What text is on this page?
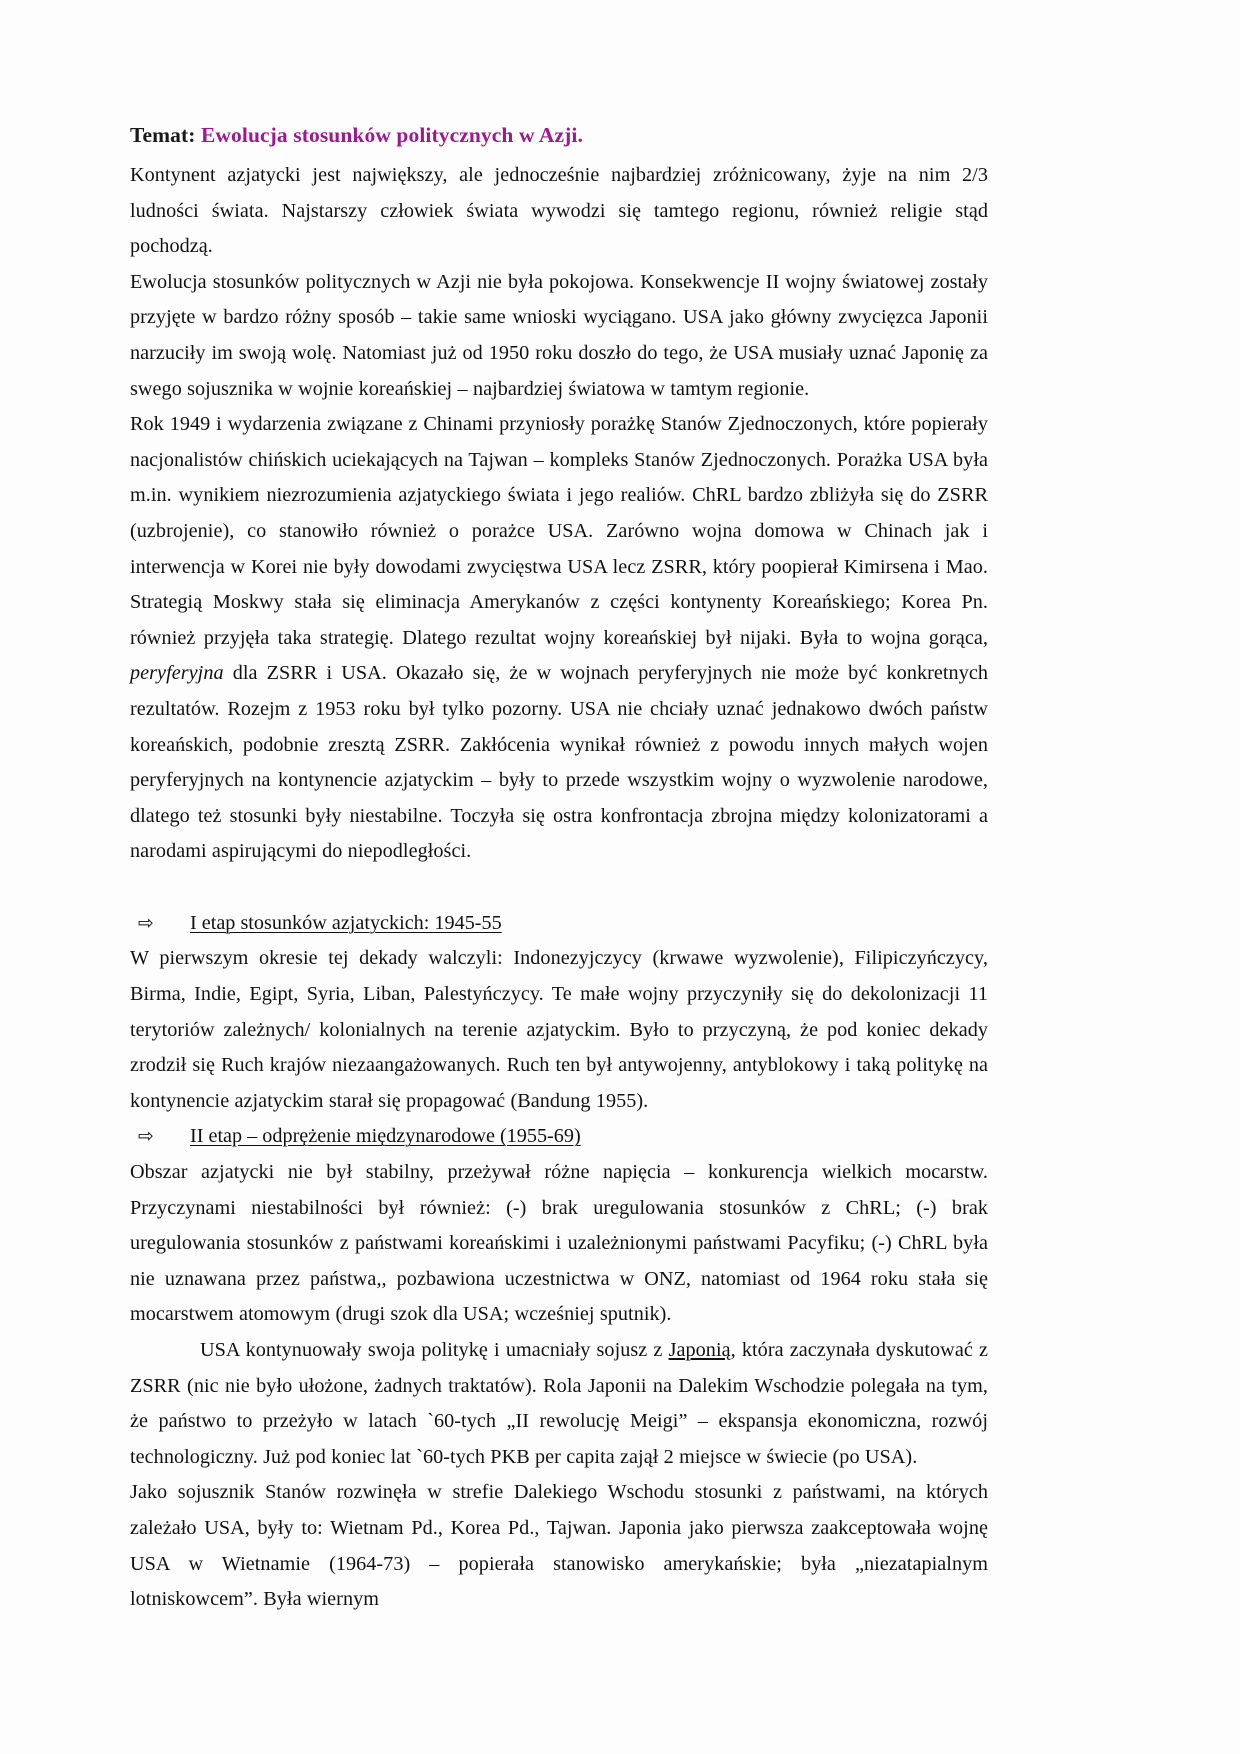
Temat: Ewolucja stosunków politycznych w Azji.

Kontynent azjatycki jest największy, ale jednocześnie najbardziej zróżnicowany, żyje na nim 2/3 ludności świata. Najstarszy człowiek świata wywodzi się tamtego regionu, również religie stąd pochodzą.

Ewolucja stosunków politycznych w Azji nie była pokojowa. Konsekwencje II wojny światowej zostały przyjęte w bardzo różny sposób – takie same wnioski wyciągano. USA jako główny zwycięzca Japonii narzuciły im swoją wolę. Natomiast już od 1950 roku doszło do tego, że USA musiały uznać Japonię za swego sojusznika w wojnie koreańskiej – najbardziej światowa w tamtym regionie.

Rok 1949 i wydarzenia związane z Chinami przyniosły porażkę Stanów Zjednoczonych, które popierały nacjonalistów chińskich uciekających na Tajwan – kompleks Stanów Zjednoczonych. Porażka USA była m.in. wynikiem niezrozumienia azjatyckiego świata i jego realiów. ChRL bardzo zbliżyła się do ZSRR (uzbrojenie), co stanowiło również o porażce USA. Zarówno wojna domowa w Chinach jak i interwencja w Korei nie były dowodami zwycięstwa USA lecz ZSRR, który poopierał Kimirsena i Mao. Strategią Moskwy stała się eliminacja Amerykanów z części kontynenty Koreańskiego; Korea Pn. również przyjęła taka strategię. Dlatego rezultat wojny koreańskiej był nijaki. Była to wojna gorąca, peryferyjna dla ZSRR i USA. Okazało się, że w wojnach peryferyjnych nie może być konkretnych rezultatów. Rozejm z 1953 roku był tylko pozorny. USA nie chciały uznać jednakowo dwóch państw koreańskich, podobnie zresztą ZSRR. Zakłócenia wynikał również z powodu innych małych wojen peryferyjnych na kontynencie azjatyckim – były to przede wszystkim wojny o wyzwolenie narodowe, dlatego też stosunki były niestabilne. Toczyła się ostra konfrontacja zbrojna między kolonizatorami a narodami aspirującymi do niepodległości.

⇨	I etap stosunków azjatyckich: 1945-55

W pierwszym okresie tej dekady walczyli: Indonezyjczycy (krwawe wyzwolenie), Filipiczyńczycy, Birma, Indie, Egipt, Syria, Liban, Palestyńczycy. Te małe wojny przyczyniły się do dekolonizacji 11 terytoriów zależnych/ kolonialnych na terenie azjatyckim. Było to przyczyną, że pod koniec dekady zrodził się Ruch krajów niezaangażowanych. Ruch ten był antywojenny, antyblokowy i taką politykę na kontynencie azjatyckim starał się propagować (Bandung 1955).

⇨	II etap – odprężenie międzynarodowe (1955-69)

Obszar azjatycki nie był stabilny, przeżywał różne napięcia – konkurencja wielkich mocarstw. Przyczynami niestabilności był również: (-) brak uregulowania stosunków z ChRL; (-) brak uregulowania stosunków z państwami koreańskimi i uzależnionymi państwami Pacyfiku; (-) ChRL była nie uznawana przez państwa,, pozbawiona uczestnictwa w ONZ, natomiast od 1964 roku stała się mocarstwem atomowym (drugi szok dla USA; wcześniej sputnik).

USA kontynuowały swoja politykę i umacniały sojusz z Japonią, która zaczynała dyskutować z ZSRR (nic nie było ułożone, żadnych traktatów). Rola Japonii na Dalekim Wschodzie polegała na tym, że państwo to przeżyło w latach `60-tych „II rewolucję Meigi” – ekspansja ekonomiczna, rozwój technologiczny. Już pod koniec lat `60-tych PKB per capita zajął 2 miejsce w świecie (po USA).

Jako sojusznik Stanów rozwinęła w strefie Dalekiego Wschodu stosunki z państwami, na których zależało USA, były to: Wietnam Pd., Korea Pd., Tajwan. Japonia jako pierwsza zaakceptowała wojnę USA w Wietnamie (1964-73) – popierała stanowisko amerykańskie; była „niezatapialnym lotniskowcem”. Była wiernym
